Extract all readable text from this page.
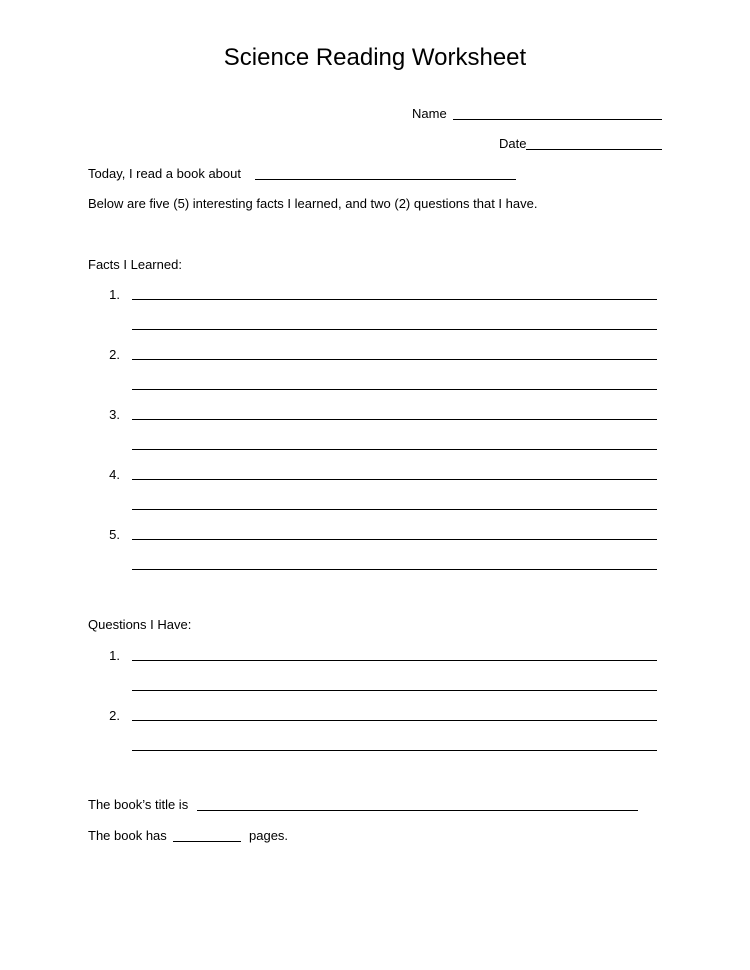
Science Reading Worksheet
Name
Date
Today, I read a book about
Below are five (5) interesting facts I learned, and two (2) questions that I have.
Facts I Learned:
1.
2.
3.
4.
5.
Questions I Have:
1.
2.
The book’s title is
The book has	pages.
